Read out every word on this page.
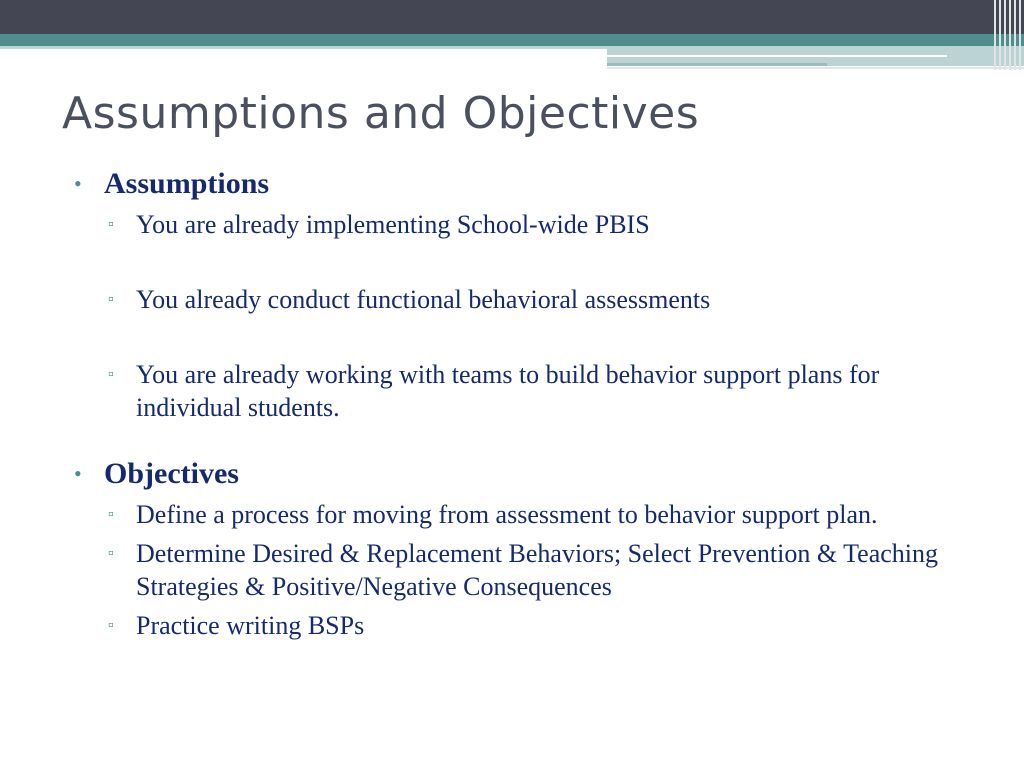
Assumptions and Objectives
• Assumptions
▫ You are already implementing School-wide PBIS
▫ You already conduct functional behavioral assessments
▫ You are already working with teams to build behavior support plans for individual students.
• Objectives
▫ Define a process for moving from assessment to behavior support plan.
▫ Determine Desired & Replacement Behaviors; Select Prevention & Teaching Strategies & Positive/Negative Consequences
▫ Practice writing BSPs
